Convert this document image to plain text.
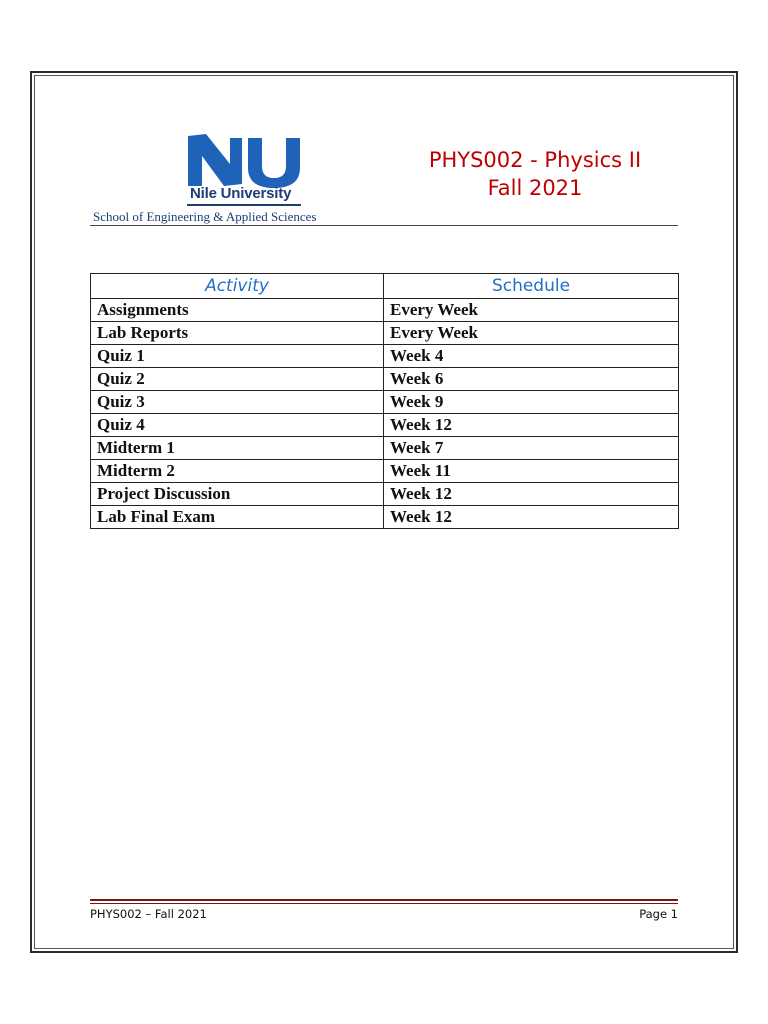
Nile University
School of Engineering & Applied Sciences
PHYS002 - Physics II
Fall 2021
Activity	Schedule
Assignments	Every Week
Lab Reports	Every Week
Quiz 1	Week 4
Quiz 2	Week 6
Quiz 3	Week 9
Quiz 4	Week 12
Midterm 1	Week 7
Midterm 2	Week 11
Project Discussion	Week 12
Lab Final Exam	Week 12
PHYS002 – Fall 2021	Page 1
